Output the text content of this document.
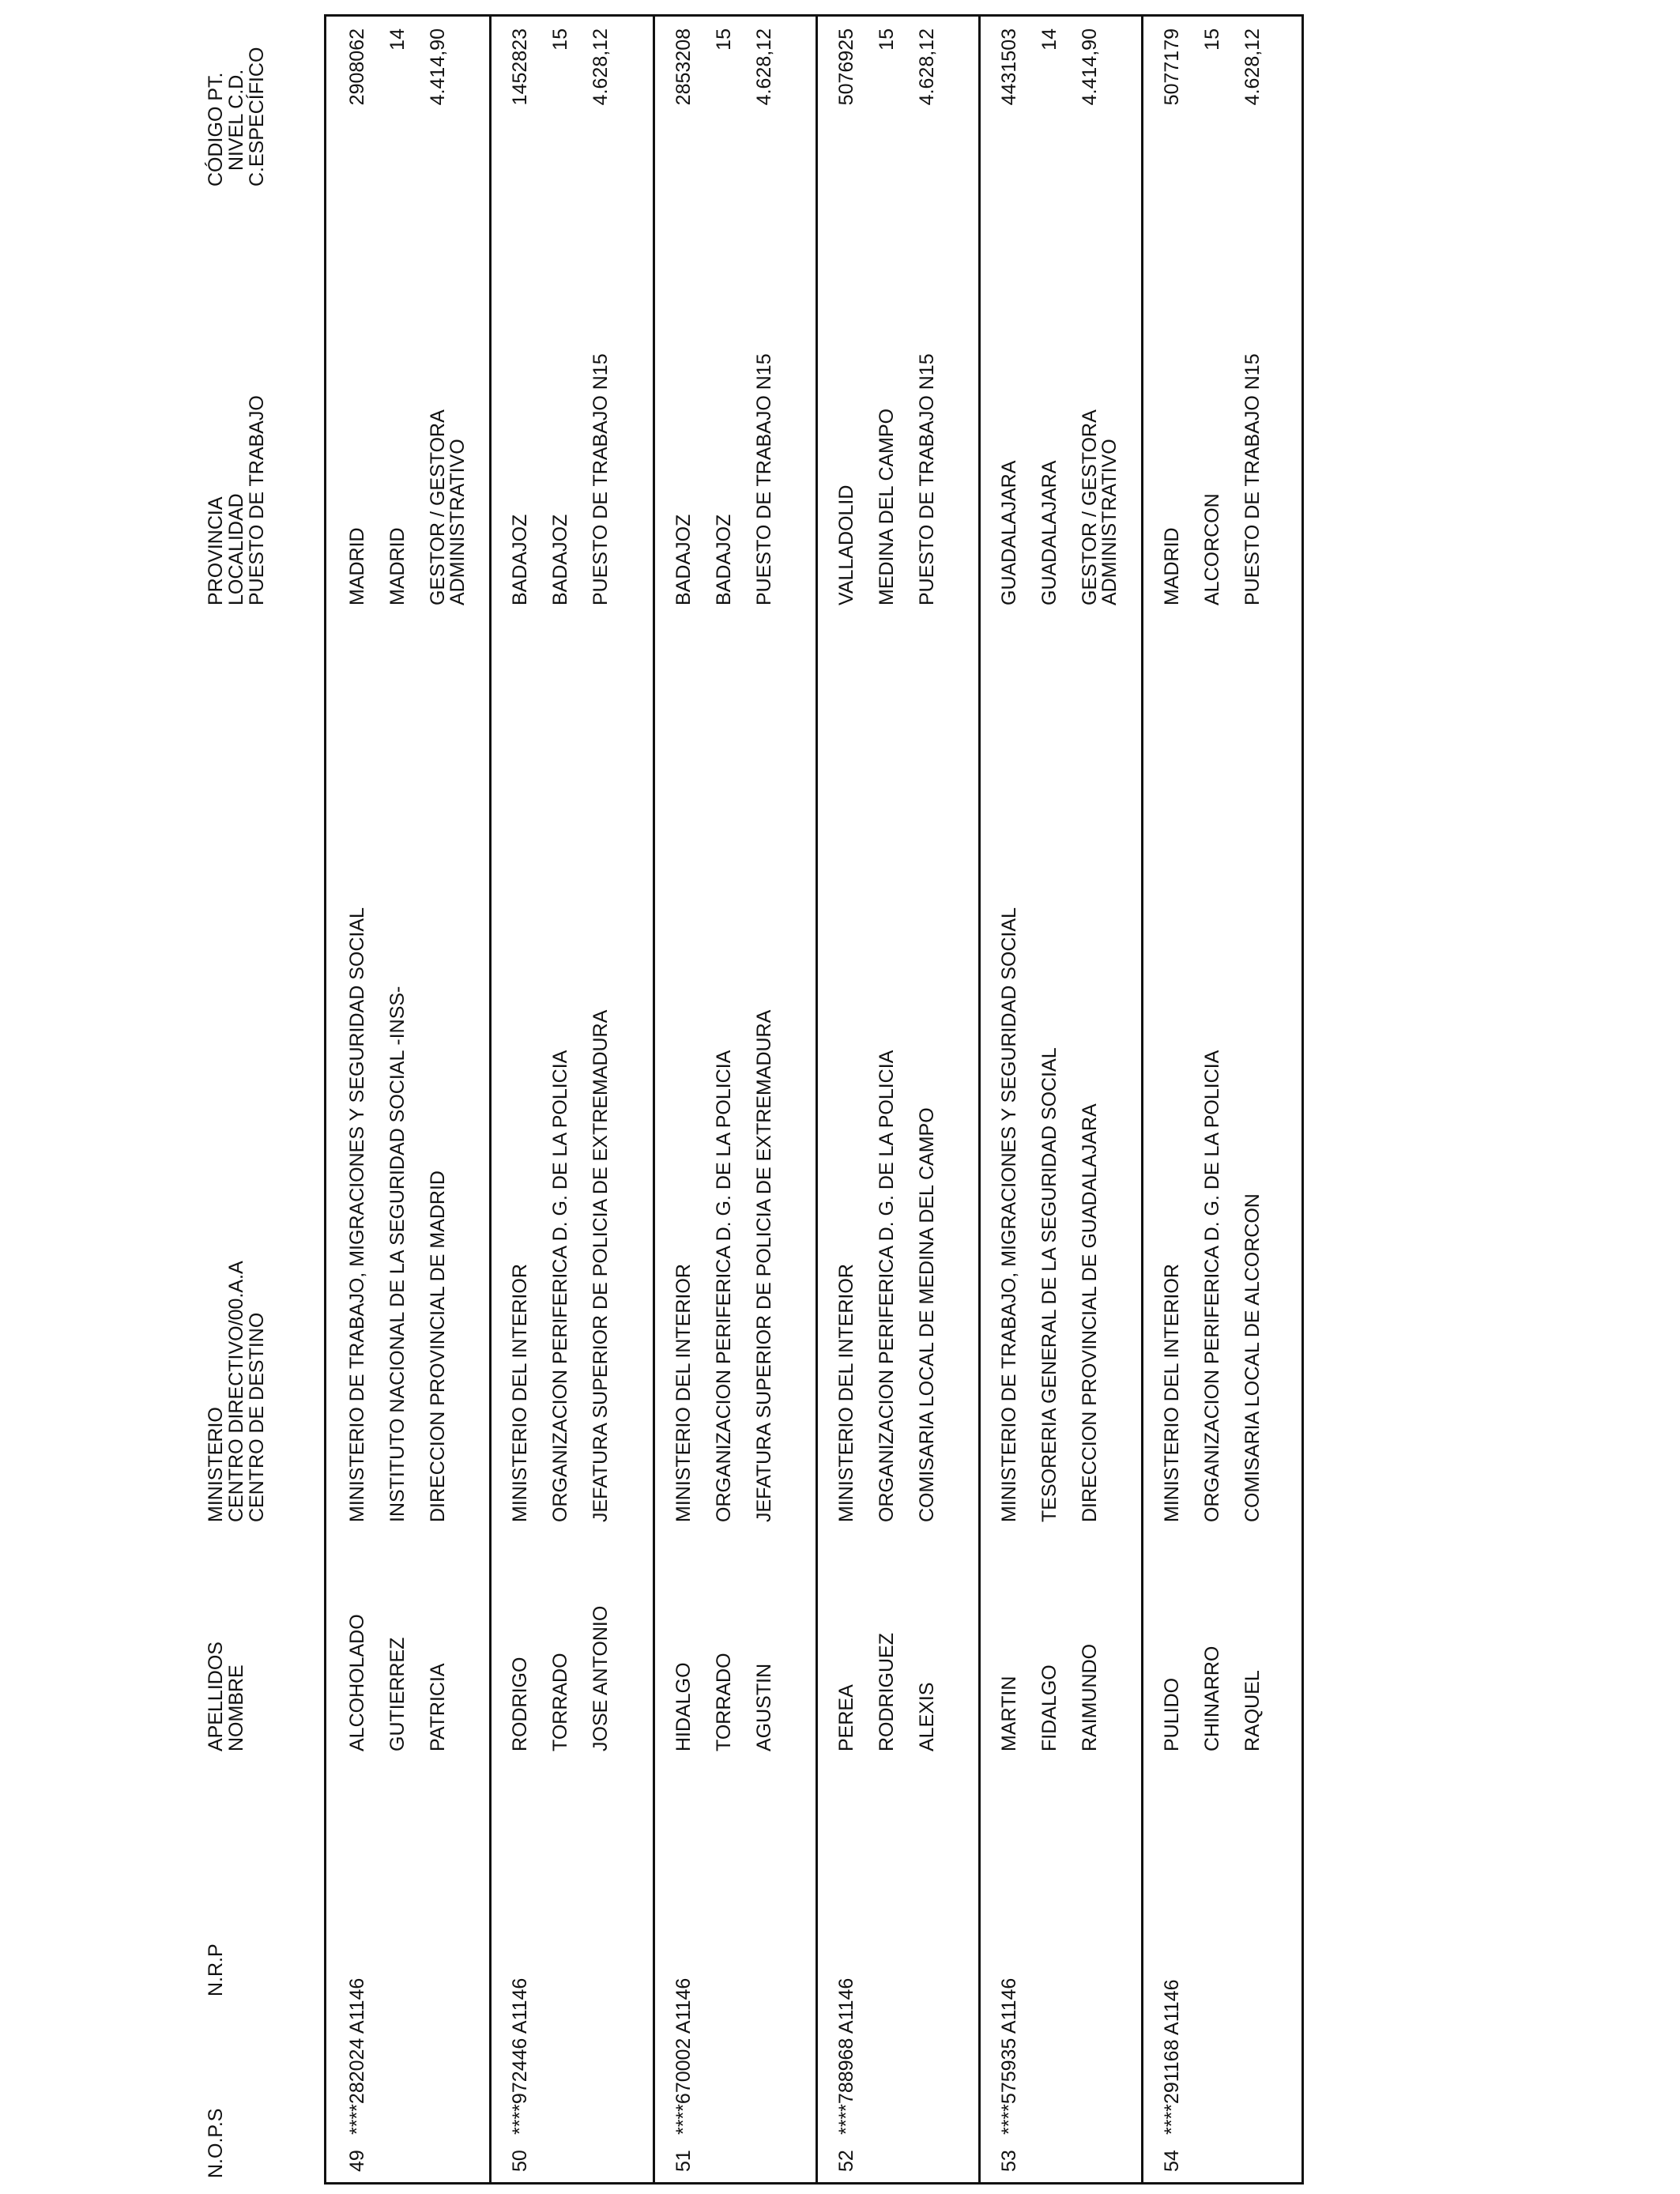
N.O.P.S
N.R.P
APELLIDOS
NOMBRE
MINISTERIO
CENTRO DIRECTIVO/00.A.A
CENTRO DE DESTINO
PROVINCIA
LOCALIDAD
PUESTO DE TRABAJO
CÓDIGO PT.
NIVEL C.D.
C.ESPECÍFICO
49
****282024 A1146
ALCOHOLADO GUTIERREZ PATRICIA
MINISTERIO DE TRABAJO, MIGRACIONES Y SEGURIDAD SOCIAL INSTITUTO NACIONAL DE LA SEGURIDAD SOCIAL -INSS- DIRECCION PROVINCIAL DE MADRID
MADRID MADRID GESTOR / GESTORA
ADMINISTRATIVO
2908062 14 4.414,90
50
****972446 A1146
RODRIGO TORRADO JOSE ANTONIO
MINISTERIO DEL INTERIOR ORGANIZACION PERIFERICA D. G. DE LA POLICIA JEFATURA SUPERIOR DE POLICIA DE EXTREMADURA
BADAJOZ BADAJOZ PUESTO DE TRABAJO N15
1452823 15 4.628,12
51
****670002 A1146
HIDALGO TORRADO AGUSTIN
MINISTERIO DEL INTERIOR ORGANIZACION PERIFERICA D. G. DE LA POLICIA JEFATURA SUPERIOR DE POLICIA DE EXTREMADURA
BADAJOZ BADAJOZ PUESTO DE TRABAJO N15
2853208 15 4.628,12
52
****788968 A1146
PEREA RODRIGUEZ ALEXIS
MINISTERIO DEL INTERIOR ORGANIZACION PERIFERICA D. G. DE LA POLICIA COMISARIA LOCAL DE MEDINA DEL CAMPO
VALLADOLID MEDINA DEL CAMPO PUESTO DE TRABAJO N15
5076925 15 4.628,12
53
****575935 A1146
MARTIN FIDALGO RAIMUNDO
MINISTERIO DE TRABAJO, MIGRACIONES Y SEGURIDAD SOCIAL TESORERIA GENERAL DE LA SEGURIDAD SOCIAL DIRECCION PROVINCIAL DE GUADALAJARA
GUADALAJARA GUADALAJARA GESTOR / GESTORA
ADMINISTRATIVO
4431503 14 4.414,90
54
****291168 A1146
PULIDO CHINARRO RAQUEL
MINISTERIO DEL INTERIOR ORGANIZACION PERIFERICA D. G. DE LA POLICIA COMISARIA LOCAL DE ALCORCON
MADRID ALCORCON PUESTO DE TRABAJO N15
5077179 15 4.628,12
